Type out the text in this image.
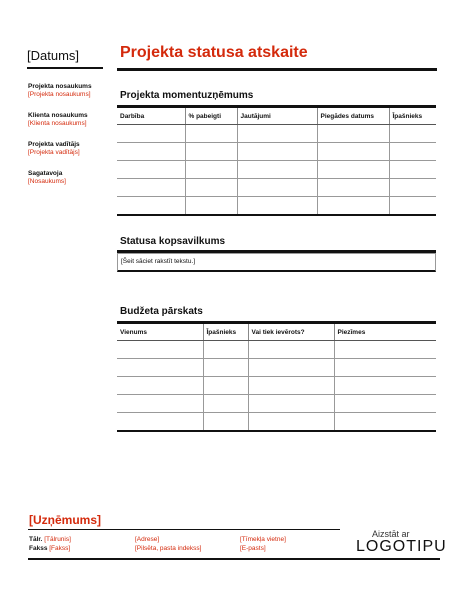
[Datums]
Projekta nosaukums
[Projekta nosaukums]
Klienta nosaukums
[Klienta nosaukums]
Projekta vadītājs
[Projekta vadītājs]
Sagatavoja
[Nosaukums]
Projekta statusa atskaite
Projekta momentuzņēmums
Darbība	% pabeigti	Jautājumi	Piegādes datums	Īpašnieks

Statusa kopsavilkums
[Šeit sāciet rakstīt tekstu.]
Budžeta pārskats
Vienums	Īpašnieks	Vai tiek ievērots?	Piezīmes

[Uzņēmums]
Tālr. [Tālrunis]
Fakss [Fakss]
[Adrese]
[Pilsēta, pasta indekss]
[Tīmekļa vietne]
[E-pasts]
Aizstāt ar
LOGOTIPU
